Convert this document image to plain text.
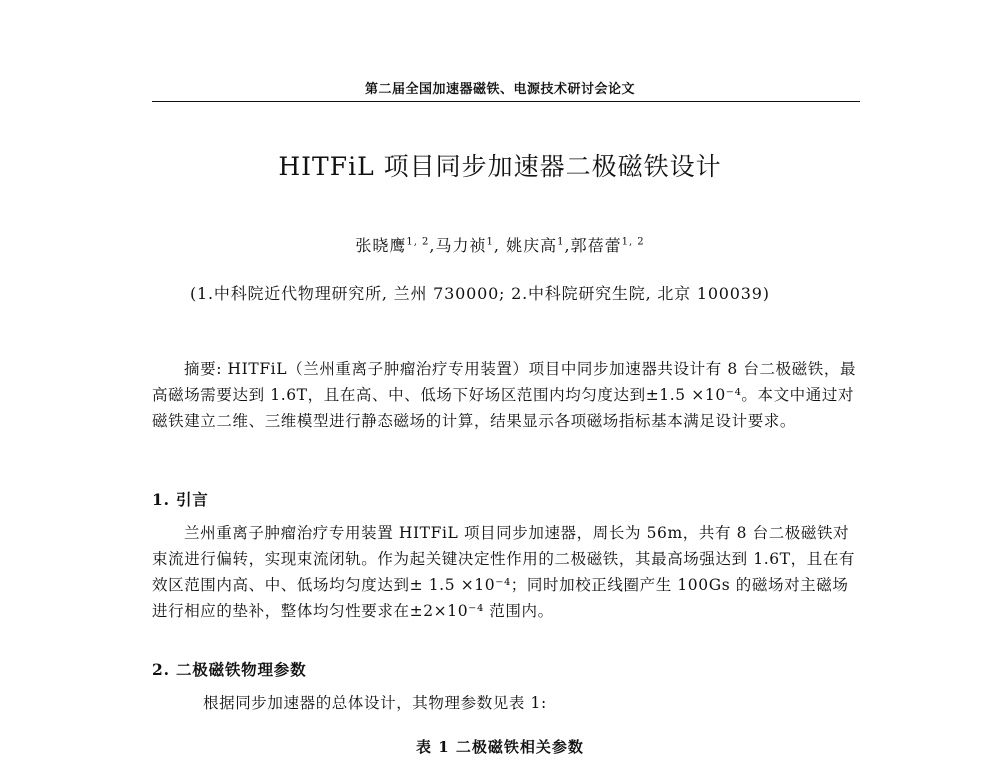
第二届全国加速器磁铁、电源技术研讨会论文
HITFiL 项目同步加速器二极磁铁设计
张晓鹰$^{1, 2}$,马力祯$^1$, 姚庆高$^1$,郭蓓蕾$^{1, 2}$
(1.中科院近代物理研究所, 兰州 730000; 2.中科院研究生院, 北京 100039)
摘要: HITFiL（兰州重离子肿瘤治疗专用装置）项目中同步加速器共设计有 8 台二极磁铁，最高磁场需要达到 1.6T，且在高、中、低场下好场区范围内均匀度达到±1.5 ×10⁻⁴。本文中通过对磁铁建立二维、三维模型进行静态磁场的计算，结果显示各项磁场指标基本满足设计要求。
1. 引言
兰州重离子肿瘤治疗专用装置 HITFiL 项目同步加速器，周长为 56m，共有 8 台二极磁铁对束流进行偏转，实现束流闭轨。作为起关键决定性作用的二极磁铁，其最高场强达到 1.6T，且在有效区范围内高、中、低场均匀度达到± 1.5 ×10⁻⁴；同时加校正线圈产生 100Gs 的磁场对主磁场进行相应的垫补，整体均匀性要求在±2×10⁻⁴ 范围内。
2. 二极磁铁物理参数
根据同步加速器的总体设计，其物理参数见表 1:
表 1 二极磁铁相关参数
